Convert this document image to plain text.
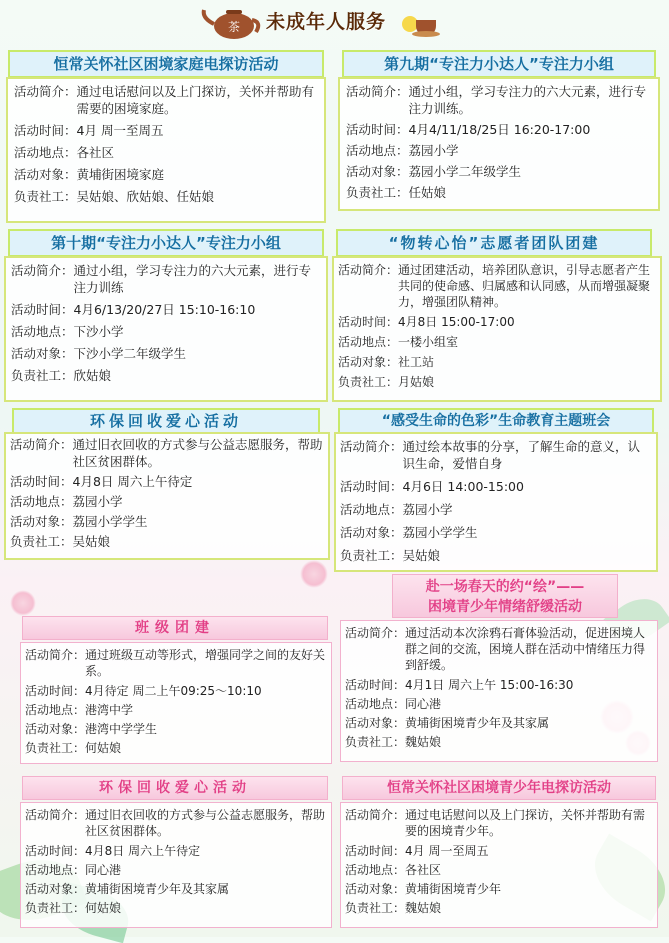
茶 未成年人服务
恒常关怀社区困境家庭电探访活动
活动简介： 通过电话慰问以及上门探访，关怀并帮助有需要的困境家庭。
活动时间： 4月 周一至周五
活动地点： 各社区
活动对象： 黄埔街困境家庭
负责社工： 吴姑娘、欣姑娘、任姑娘
第九期“专注力小达人”专注力小组
活动简介： 通过小组，学习专注力的六大元素，进行专注力训练。
活动时间： 4月4/11/18/25日 16:20-17:00
活动地点： 荔园小学
活动对象： 荔园小学二年级学生
负责社工： 任姑娘
第十期“专注力小达人”专注力小组
活动简介： 通过小组，学习专注力的六大元素，进行专注力训练
活动时间： 4月6/13/20/27日 15:10-16:10
活动地点： 下沙小学
活动对象： 下沙小学二年级学生
负责社工： 欣姑娘
“物转心怡”志愿者团队团建
活动简介： 通过团建活动，培养团队意识，引导志愿者产生共同的使命感、归属感和认同感，从而增强凝聚力，增强团队精神。
活动时间： 4月8日 15:00-17:00
活动地点： 一楼小组室
活动对象： 社工站
负责社工： 月姑娘
环保回收爱心活动
活动简介： 通过旧衣回收的方式参与公益志愿服务，帮助社区贫困群体。
活动时间： 4月8日 周六上午待定
活动地点： 荔园小学
活动对象： 荔园小学学生
负责社工： 吴姑娘
“感受生命的色彩”生命教育主题班会
活动简介： 通过绘本故事的分享，了解生命的意义，认识生命，爱惜自身
活动时间： 4月6日 14:00-15:00
活动地点： 荔园小学
活动对象： 荔园小学学生
负责社工： 吴姑娘
赴一场春天的约“绘”——
困境青少年情绪舒缓活动
活动简介： 通过活动本次涂鸦石膏体验活动，促进困境人群之间的交流，困境人群在活动中情绪压力得到舒缓。
活动时间： 4月1日 周六上午 15:00-16:30
活动地点： 同心港
活动对象： 黄埔街困境青少年及其家属
负责社工： 魏姑娘
班级团建
活动简介： 通过班级互动等形式，增强同学之间的友好关系。
活动时间： 4月待定 周二上午09:25～10:10
活动地点： 港湾中学
活动对象： 港湾中学学生
负责社工： 何姑娘
环保回收爱心活动
活动简介： 通过旧衣回收的方式参与公益志愿服务，帮助社区贫困群体。
活动时间： 4月8日 周六上午待定
活动地点： 同心港
活动对象： 黄埔街困境青少年及其家属
负责社工： 何姑娘
恒常关怀社区困境青少年电探访活动
活动简介： 通过电话慰问以及上门探访，关怀并帮助有需要的困境青少年。
活动时间： 4月 周一至周五
活动地点： 各社区
活动对象： 黄埔街困境青少年
负责社工： 魏姑娘
